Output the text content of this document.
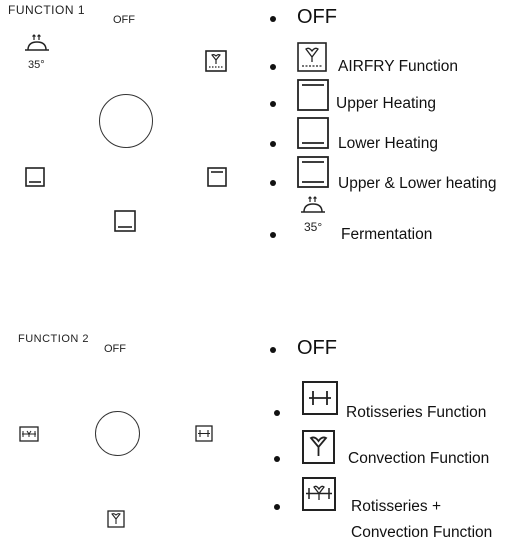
FUNCTION 1
OFF
35°
OFF
AIRFRY Function
Upper Heating
Lower Heating
Upper & Lower heating
35° Fermentation
FUNCTION 2
OFF	OFF
Rotisseries Function
Convection Function
Rotisseries +
Convection Function
